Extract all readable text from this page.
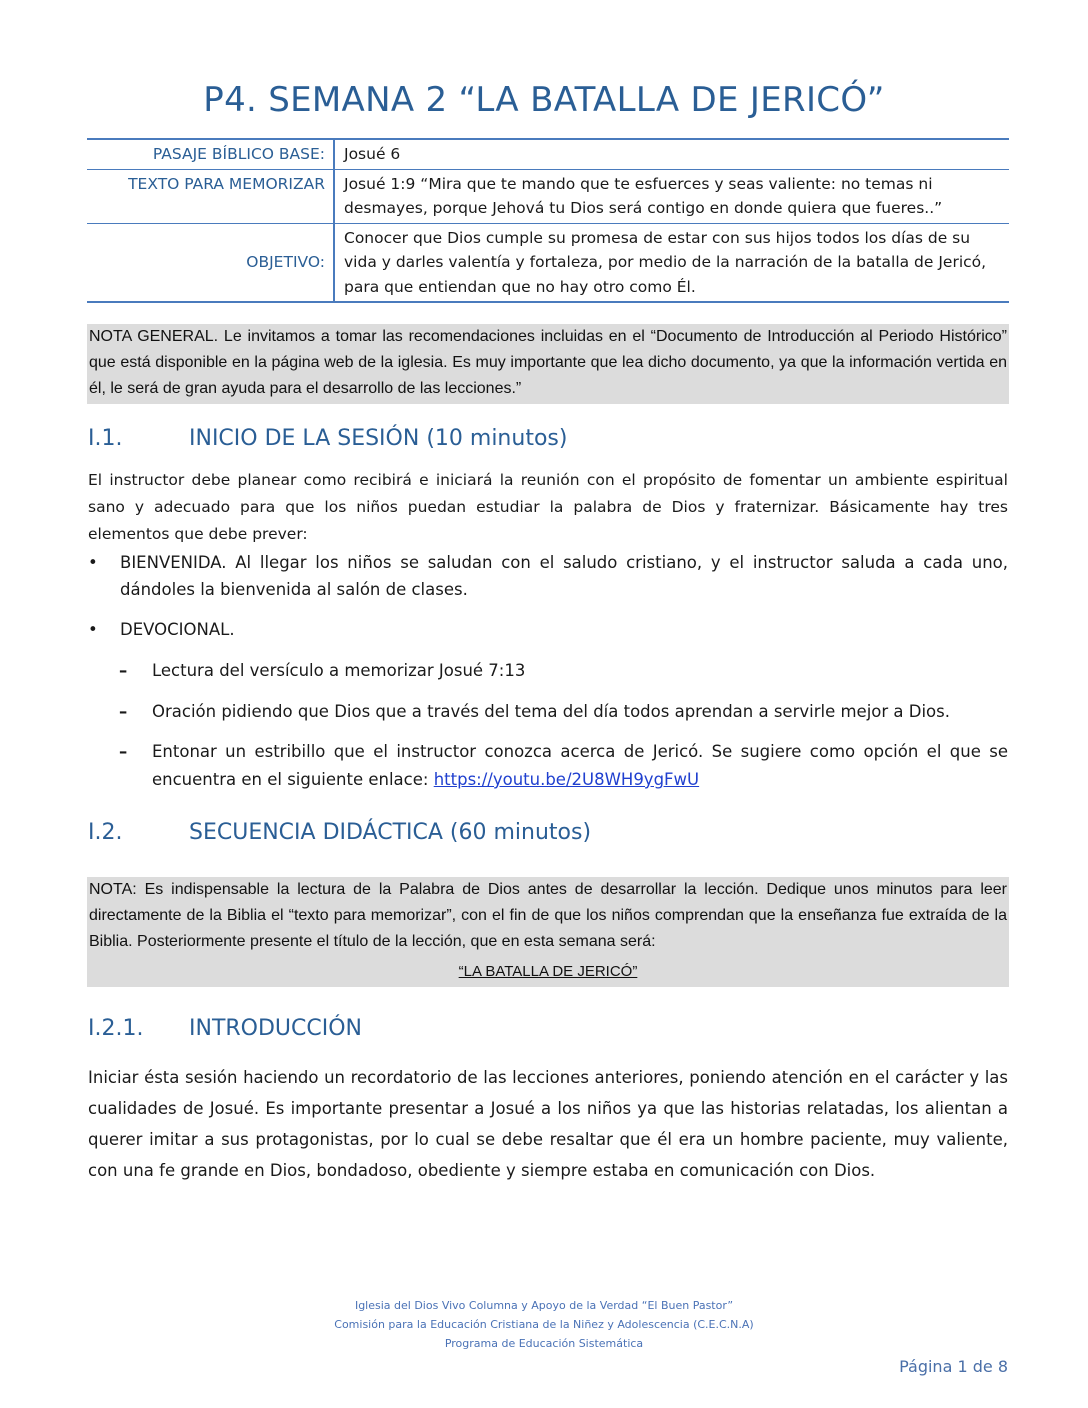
P4. SEMANA 2 “LA BATALLA DE JERICÓ”
PASAJE BÍBLICO BASE:	Josué 6
TEXTO PARA MEMORIZAR	Josué 1:9 “Mira que te mando que te esfuerces y seas valiente: no temas ni desmayes, porque Jehová tu Dios será contigo en donde quiera que fueres..”
OBJETIVO:	Conocer que Dios cumple su promesa de estar con sus hijos todos los días de su vida y darles valentía y fortaleza, por medio de la narración de la batalla de Jericó, para que entiendan que no hay otro como Él.

NOTA GENERAL. Le invitamos a tomar las recomendaciones incluidas en el “Documento de Introducción al Periodo Histórico” que está disponible en la página web de la iglesia. Es muy importante que lea dicho documento, ya que la información vertida en él, le será de gran ayuda para el desarrollo de las lecciones.”

I.1.	INICIO DE LA SESIÓN (10 minutos)

El instructor debe planear como recibirá e iniciará la reunión con el propósito de fomentar un ambiente espiritual sano y adecuado para que los niños puedan estudiar la palabra de Dios y fraternizar. Básicamente hay tres elementos que debe prever:

• BIENVENIDA. Al llegar los niños se saludan con el saludo cristiano, y el instructor saluda a cada uno, dándoles la bienvenida al salón de clases.
• DEVOCIONAL.
– Lectura del versículo a memorizar Josué 7:13
– Oración pidiendo que Dios que a través del tema del día todos aprendan a servirle mejor a Dios.
– Entonar un estribillo que el instructor conozca acerca de Jericó. Se sugiere como opción el que se encuentra en el siguiente enlace: https://youtu.be/2U8WH9ygFwU
I.2.	SECUENCIA DIDÁCTICA (60 minutos)

NOTA: Es indispensable la lectura de la Palabra de Dios antes de desarrollar la lección. Dedique unos minutos para leer directamente de la Biblia el “texto para memorizar”, con el fin de que los niños comprendan que la enseñanza fue extraída de la Biblia. Posteriormente presente el título de la lección, que en esta semana será:

“LA BATALLA DE JERICÓ”

I.2.1. INTRODUCCIÓN

Iniciar ésta sesión haciendo un recordatorio de las lecciones anteriores, poniendo atención en el carácter y las cualidades de Josué. Es importante presentar a Josué a los niños ya que las historias relatadas, los alientan a querer imitar a sus protagonistas, por lo cual se debe resaltar que él era un hombre paciente, muy valiente, con una fe grande en Dios, bondadoso, obediente y siempre estaba en comunicación con Dios.

Iglesia del Dios Vivo Columna y Apoyo de la Verdad “El Buen Pastor”
Comisión para la Educación Cristiana de la Niñez y Adolescencia (C.E.C.N.A)
Programa de Educación Sistemática
Página 1 de 8
